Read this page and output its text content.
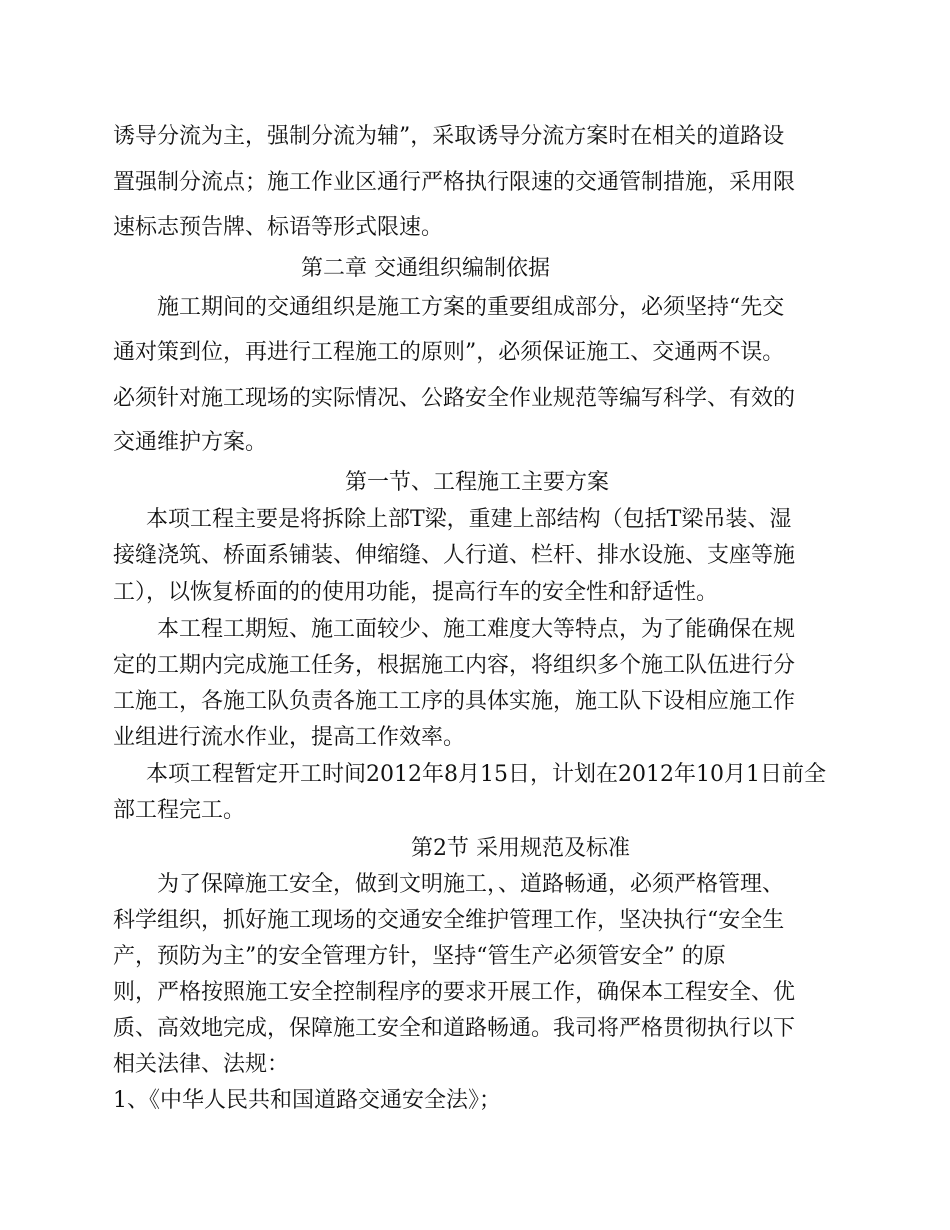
诱导分流为主，强制分流为辅”，采取诱导分流方案时在相关的道路设
置强制分流点；施工作业区通行严格执行限速的交通管制措施，采用限
速标志预告牌、标语等形式限速。
第二章 交通组织编制依据
施工期间的交通组织是施工方案的重要组成部分，必须坚持“先交
通对策到位，再进行工程施工的原则”，必须保证施工、交通两不误。
必须针对施工现场的实际情况、公路安全作业规范等编写科学、有效的
交通维护方案。
第一节、工程施工主要方案
本项工程主要是将拆除上部T梁，重建上部结构（包括T梁吊装、湿
接缝浇筑、桥面系铺装、伸缩缝、人行道、栏杆、排水设施、支座等施
工），以恢复桥面的的使用功能，提高行车的安全性和舒适性。
本工程工期短、施工面较少、施工难度大等特点，为了能确保在规
定的工期内完成施工任务，根据施工内容，将组织多个施工队伍进行分
工施工，各施工队负责各施工工序的具体实施，施工队下设相应施工作
业组进行流水作业，提高工作效率。
本项工程暂定开工时间2012年8月15日，计划在2012年10月1日前全
部工程完工。
第2节 采用规范及标准
为了保障施工安全，做到文明施工，、道路畅通，必须严格管理、
科学组织，抓好施工现场的交通安全维护管理工作，坚决执行“安全生
产，预防为主”的安全管理方针，坚持“管生产必须管安全” 的原
则，严格按照施工安全控制程序的要求开展工作，确保本工程安全、优
质、高效地完成，保障施工安全和道路畅通。我司将严格贯彻执行以下
相关法律、法规：
1、《中华人民共和国道路交通安全法》；
